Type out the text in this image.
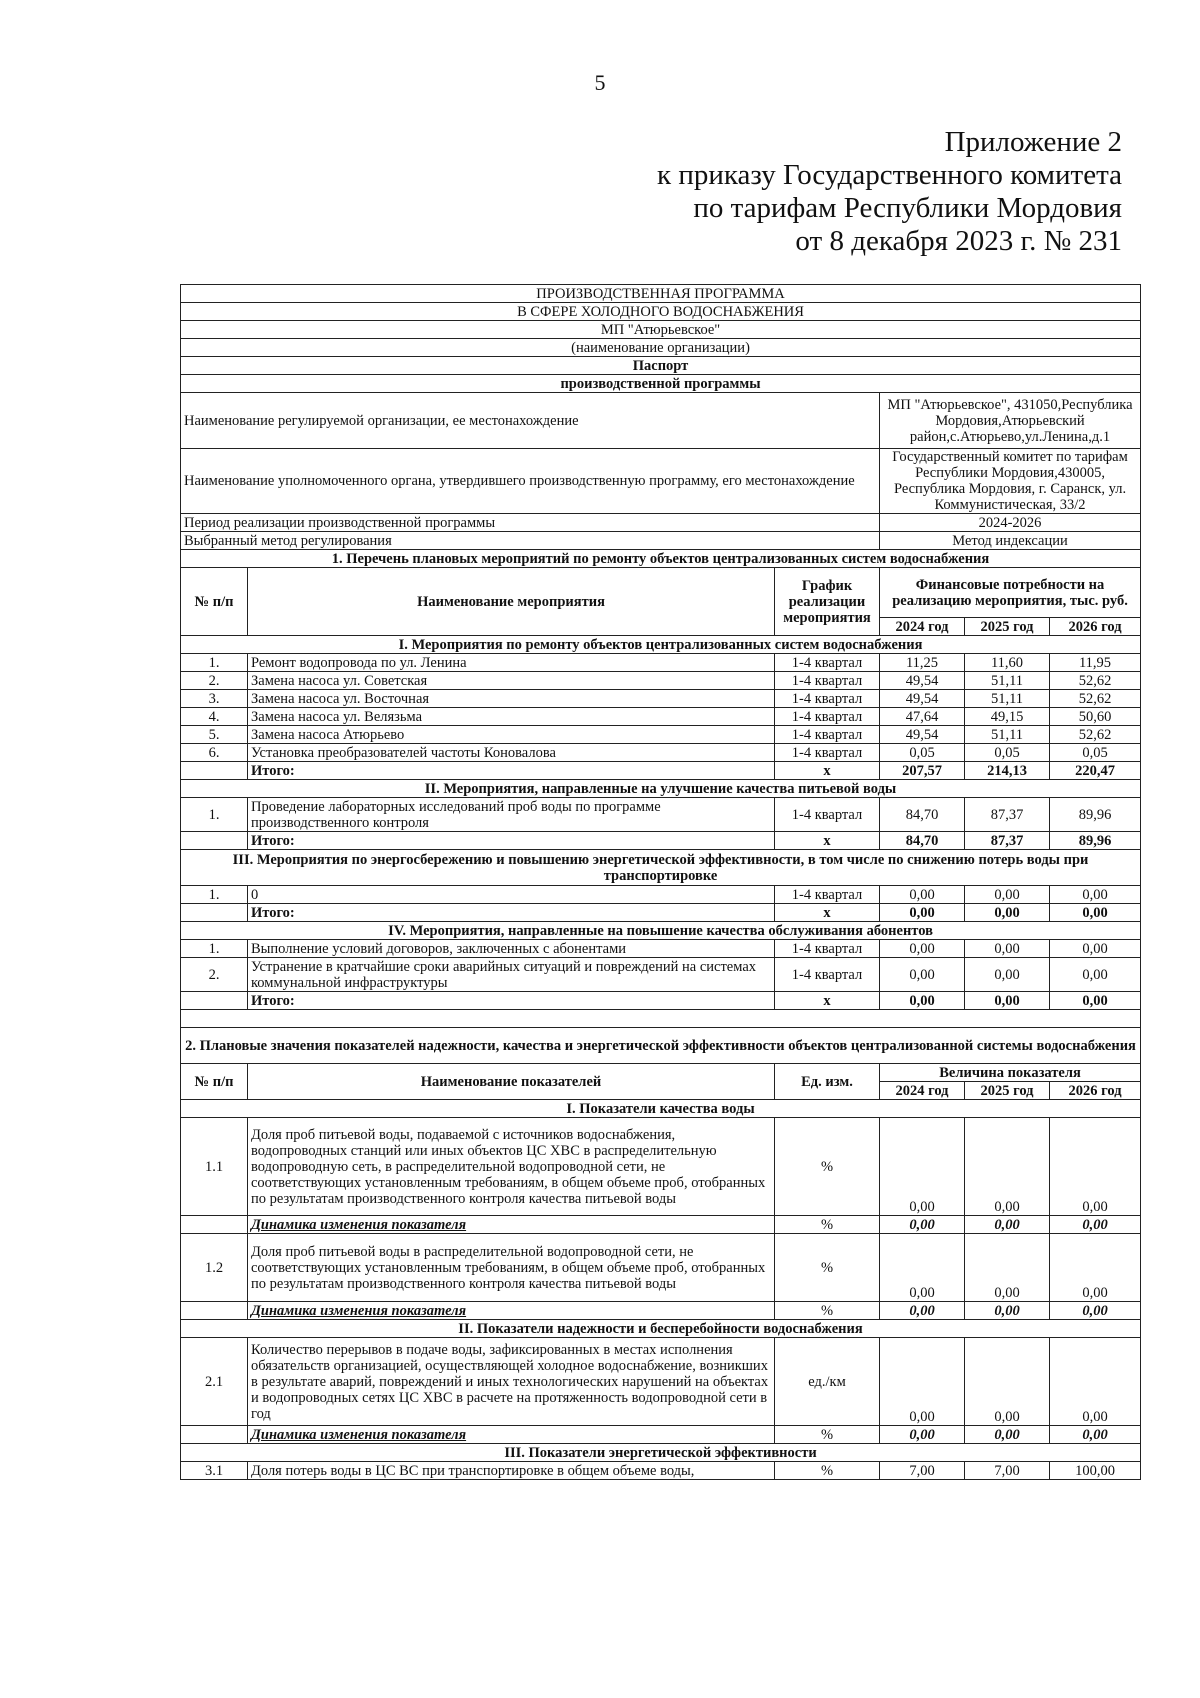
5
Приложение 2
к приказу Государственного комитета
по тарифам Республики Мордовия
от 8 декабря 2023 г. № 231
ПРОИЗВОДСТВЕННАЯ ПРОГРАММА					
В СФЕРЕ ХОЛОДНОГО ВОДОСНАБЖЕНИЯ					
МП "Атюрьевское"					
(наименование организации)					
Паспорт					
производственной программы					
Наименование регулируемой организации, ее местонахождение			МП "Атюрьевское", 431050,Республика Мордовия,Атюрьевский район,с.Атюрьево,ул.Ленина,д.1		
Наименование уполномоченного органа, утвердившего производственную программу, его местонахождение			Государственный комитет по тарифам Республики Мордовия,430005, Республика Мордовия, г. Саранск, ул. Коммунистическая, 33/2		
Период реализации производственной программы			2024-2026		
Выбранный метод регулирования			Метод индексации		
1. Перечень плановых мероприятий по ремонту объектов централизованных систем водоснабжения					
№ п/п	Наименование мероприятия	График реализации мероприятия	Финансовые потребности на реализацию мероприятия, тыс. руб.		
			2024 год	2025 год	2026 год
I. Мероприятия по ремонту объектов централизованных систем водоснабжения					
1.	Ремонт водопровода по ул. Ленина	1-4 квартал	11,25	11,60	11,95
2.	Замена насоса ул. Советская	1-4 квартал	49,54	51,11	52,62
3.	Замена насоса ул. Восточная	1-4 квартал	49,54	51,11	52,62
4.	Замена насоса ул. Велязьма	1-4 квартал	47,64	49,15	50,60
5.	Замена насоса Атюрьево	1-4 квартал	49,54	51,11	52,62
6.	Установка преобразователей частоты Коновалова	1-4 квартал	0,05	0,05	0,05
	Итого:	х	207,57	214,13	220,47
II. Мероприятия, направленные на улучшение качества питьевой воды					
1.	Проведение лабораторных исследований проб воды по программе производственного контроля	1-4 квартал	84,70	87,37	89,96
	Итого:	х	84,70	87,37	89,96
III. Мероприятия по энергосбережению и повышению энергетической эффективности, в том числе по снижению потерь воды при транспортировке					
1.	0	1-4 квартал	0,00	0,00	0,00
	Итого:	х	0,00	0,00	0,00
IV. Мероприятия, направленные на повышение качества обслуживания абонентов					
1.	Выполнение условий договоров, заключенных с абонентами	1-4 квартал	0,00	0,00	0,00
2.	Устранение в кратчайшие сроки аварийных ситуаций и повреждений на системах коммунальной инфраструктуры	1-4 квартал	0,00	0,00	0,00
	Итого:	х	0,00	0,00	0,00

2. Плановые значения показателей надежности, качества и энергетической эффективности объектов централизованной системы водоснабжения					
№ п/п	Наименование показателей	Ед. изм.	Величина показателя		
			2024 год	2025 год	2026 год
I. Показатели качества воды					
1.1	Доля проб питьевой воды, подаваемой с источников водоснабжения, водопроводных станций или иных объектов ЦС ХВС в распределительную водопроводную сеть, в распределительной водопроводной сети, не соответствующих установленным требованиям, в общем объеме проб, отобранных по результатам производственного контроля качества питьевой воды	%	0,00	0,00	0,00
	Динамика изменения показателя	%	0,00	0,00	0,00
1.2	Доля проб питьевой воды в распределительной водопроводной сети, не соответствующих установленным требованиям, в общем объеме проб, отобранных по результатам производственного контроля качества питьевой воды	%	0,00	0,00	0,00
	Динамика изменения показателя	%	0,00	0,00	0,00
II. Показатели надежности и бесперебойности водоснабжения					
2.1	Количество перерывов в подаче воды, зафиксированных в местах исполнения обязательств организацией, осуществляющей холодное водоснабжение, возникших в результате аварий, повреждений и иных технологических нарушений на объектах и водопроводных сетях ЦС ХВС в расчете на протяженность водопроводной сети в год	ед./км	0,00	0,00	0,00
	Динамика изменения показателя	%	0,00	0,00	0,00
III. Показатели энергетической эффективности					
3.1	Доля потерь воды в ЦС ВС при транспортировке в общем объеме воды,	%	7,00	7,00	100,00
